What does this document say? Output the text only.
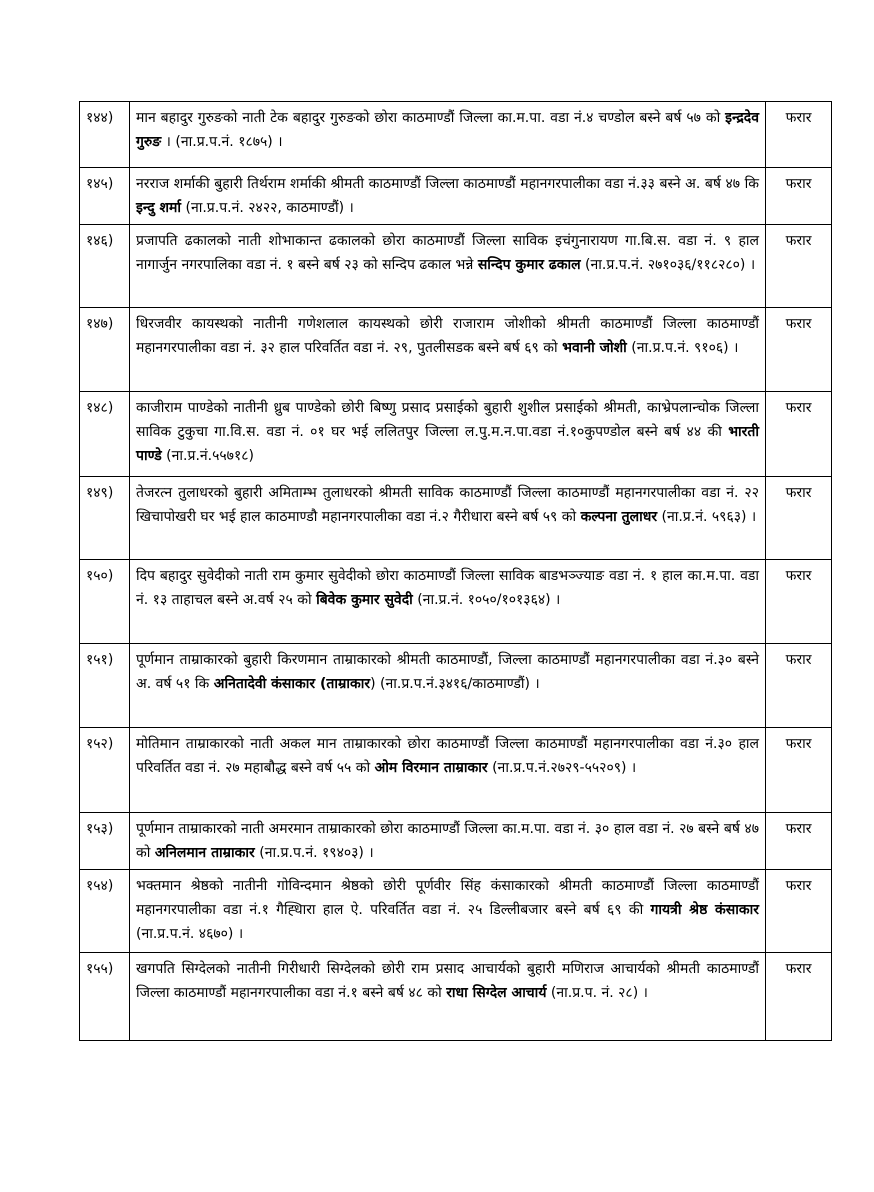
१४४)	मान बहादुर गुरुङको नाती टेक बहादुर गुरुङको छोरा काठमाण्डौं जिल्ला का.म.पा. वडा नं.४ चण्डोल बस्ने बर्ष ५७ को इन्द्रदेव गुरुङ । (ना.प्र.प.नं. १८७५) ।	फरार
१४५)	नरराज शर्माकी बुहारी तिर्थराम शर्माकी श्रीमती काठमाण्डौं जिल्ला काठमाण्डौं महानगरपालीका वडा नं.३३ बस्ने अ. बर्ष ४७ कि इन्दु शर्मा (ना.प्र.प.नं. २४२२, काठमाण्डौं) ।	फरार
१४६)	प्रजापति ढकालको नाती शोभाकान्त ढकालको छोरा काठमाण्डौं जिल्ला साविक इचंगुनारायण गा.बि.स. वडा नं. ९ हाल नागार्जुन नगरपालिका वडा नं. १ बस्ने बर्ष २३ को सन्दिप ढकाल भन्ने सन्दिप कुमार ढकाल (ना.प्र.प.नं. २७१०३६/११८२८०) ।	फरार
१४७)	धिरजवीर कायस्थको नातीनी गणेशलाल कायस्थको छोरी राजाराम जोशीको श्रीमती काठमाण्डौं जिल्ला काठमाण्डौं महानगरपालीका वडा नं. ३२ हाल परिवर्तित वडा नं. २९, पुतलीसडक बस्ने बर्ष ६९ को भवानी जोशी (ना.प्र.प.नं. ९१०६) ।	फरार
१४८)	काजीराम पाण्डेको नातीनी ध्रुब पाण्डेको छोरी बिष्णु प्रसाद प्रसाईको बुहारी शुशील प्रसाईको श्रीमती, काभ्रेपलान्चोक जिल्ला साविक टुकुचा गा.वि.स. वडा नं. ०१ घर भई ललितपुर जिल्ला ल.पु.म.न.पा.वडा नं.१०कुपण्डोल बस्ने बर्ष ४४ की भारती पाण्डे (ना.प्र.नं.५५७१८)	फरार
१४९)	तेजरत्न तुलाधरको बुहारी अमिताम्भ तुलाधरको श्रीमती साविक काठमाण्डौं जिल्ला काठमाण्डौं महानगरपालीका वडा नं. २२ खिचापोखरी घर भई हाल काठमाण्डौ महानगरपालीका वडा नं.२ गैरीधारा बस्ने बर्ष ५९ को कल्पना तुलाधर (ना.प्र.नं. ५९६३) ।	फरार
१५०)	दिप बहादुर सुवेदीको नाती राम कुमार सुवेदीको छोरा काठमाण्डौं जिल्ला साविक बाडभञ्ज्याङ वडा नं. १ हाल का.म.पा. वडा नं. १३ ताहाचल बस्ने अ.वर्ष २५ को बिवेक कुमार सुवेदी (ना.प्र.नं. १०५०/१०१३६४) ।	फरार
१५१)	पूर्णमान ताम्राकारको बुहारी किरणमान ताम्राकारको श्रीमती काठमाण्डौं, जिल्ला काठमाण्डौं महानगरपालीका वडा नं.३० बस्ने अ. वर्ष ५१ कि अनितादेवी कंसाकार (ताम्राकार) (ना.प्र.प.नं.३४१६/काठमाण्डौं) ।	फरार
१५२)	मोतिमान ताम्राकारको नाती अकल मान ताम्राकारको छोरा काठमाण्डौं जिल्ला काठमाण्डौं महानगरपालीका वडा नं.३० हाल परिवर्तित वडा नं. २७ महाबौद्ध बस्ने वर्ष ५५ को ओम विरमान ताम्राकार (ना.प्र.प.नं.२७२९-५५२०९) ।	फरार
१५३)	पूर्णमान ताम्राकारको नाती अमरमान ताम्राकारको छोरा काठमाण्डौं जिल्ला का.म.पा. वडा नं. ३० हाल वडा नं. २७ बस्ने बर्ष ४७ को अनिलमान ताम्राकार (ना.प्र.प.नं. १९४०३) ।	फरार
१५४)	भक्तमान श्रेष्ठको नातीनी गोविन्दमान श्रेष्ठको छोरी पूर्णवीर सिंह कंसाकारको श्रीमती काठमाण्डौं जिल्ला काठमाण्डौं महानगरपालीका वडा नं.१ गैह्धिारा हाल ऐ. परिवर्तित वडा नं. २५ डिल्लीबजार बस्ने बर्ष ६९ की गायत्री श्रेष्ठ कंसाकार (ना.प्र.प.नं. ४६७०) ।	फरार
१५५)	खगपति सिग्देलको नातीनी गिरीधारी सिग्देलको छोरी राम प्रसाद आचार्यको बुहारी मणिराज आचार्यको श्रीमती काठमाण्डौं जिल्ला काठमाण्डौं महानगरपालीका वडा नं.१ बस्ने बर्ष ४८ को राधा सिग्देल आचार्य (ना.प्र.प. नं. २८) ।	फरार
